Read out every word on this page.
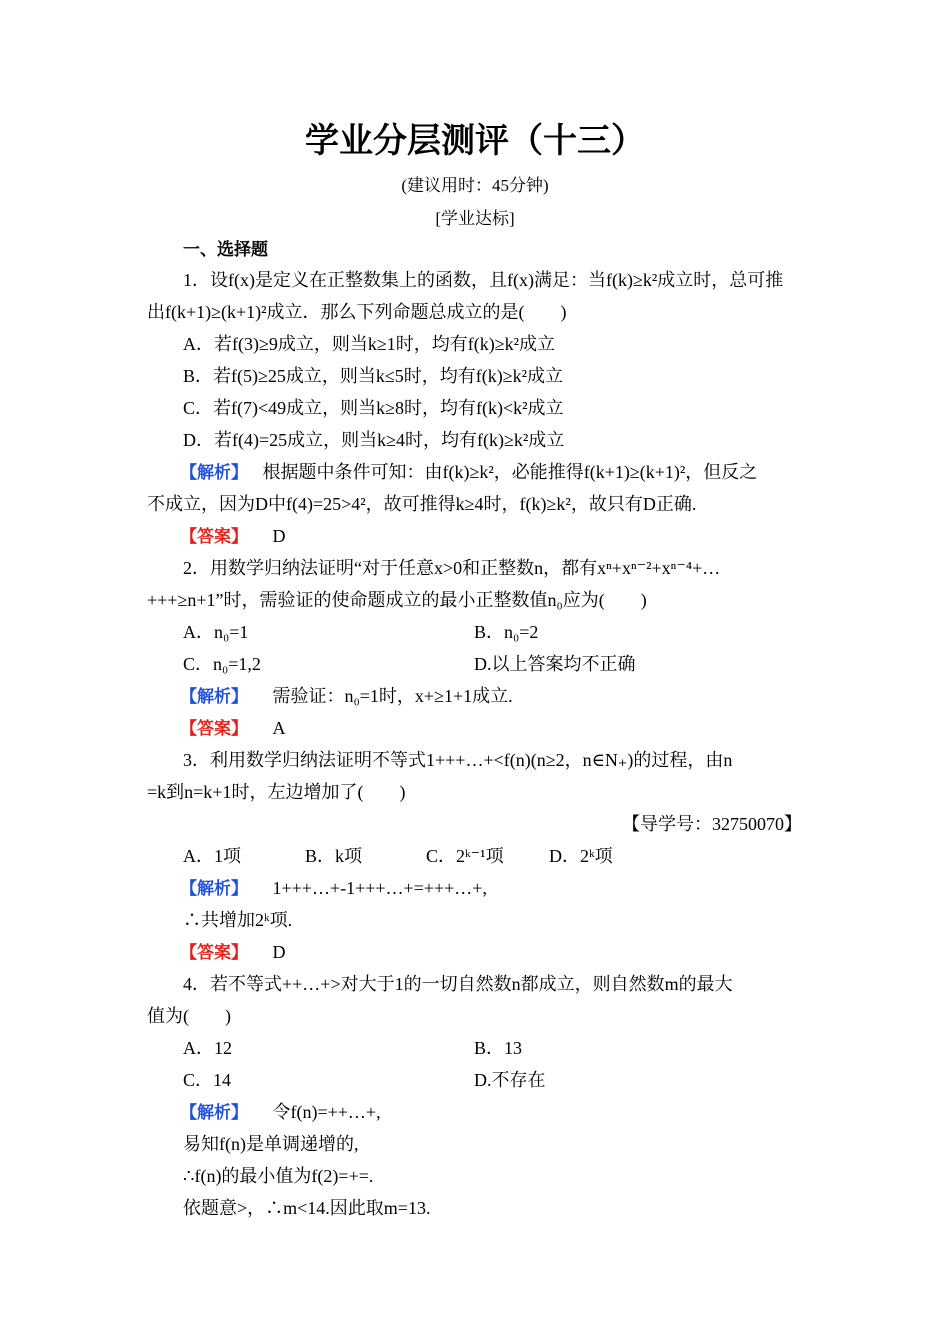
学业分层测评（十三）
(建议用时：45分钟)
[学业达标]
一、选择题
1．设f(x)是定义在正整数集上的函数，且f(x)满足：当f(k)≥k²成立时，总可推
出f(k+1)≥(k+1)²成立．那么下列命题总成立的是(　　)
A．若f(3)≥9成立，则当k≥1时，均有f(k)≥k²成立
B．若f(5)≥25成立，则当k≤5时，均有f(k)≥k²成立
C．若f(7)<49成立，则当k≥8时，均有f(k)<k²成立
D．若f(4)=25成立，则当k≥4时，均有f(k)≥k²成立
【解析】 根据题中条件可知：由f(k)≥k²，必能推得f(k+1)≥(k+1)²，但反之
不成立，因为D中f(4)=25>4²，故可推得k≥4时，f(k)≥k²，故只有D正确.
【答案】 D
2．用数学归纳法证明“对于任意x>0和正整数n，都有xⁿ+xⁿ⁻²+xⁿ⁻⁴+…
+++≥n+1”时，需验证的使命题成立的最小正整数值n₀应为(　　)
A．n₀=1	B．n₀=2
C．n₀=1,2	D.以上答案均不正确
【解析】 需验证：n₀=1时，x+≥1+1成立.
【答案】 A
3．利用数学归纳法证明不等式1+++…+<f(n)(n≥2，n∈N₊)的过程，由n
=k到n=k+1时，左边增加了(　　)
【导学号：32750070】
A．1项	B．k项	C．2ᵏ⁻¹项	D．2ᵏ项
【解析】 1+++…+-1+++…+=+++…+,
∴共增加2ᵏ项.
【答案】 D
4．若不等式++…+>对大于1的一切自然数n都成立，则自然数m的最大
值为(　　)
A．12	B．13
C．14	D.不存在
【解析】 令f(n)=++…+,
易知f(n)是单调递增的,
∴f(n)的最小值为f(2)=+=.
依题意>，∴m<14.因此取m=13.
